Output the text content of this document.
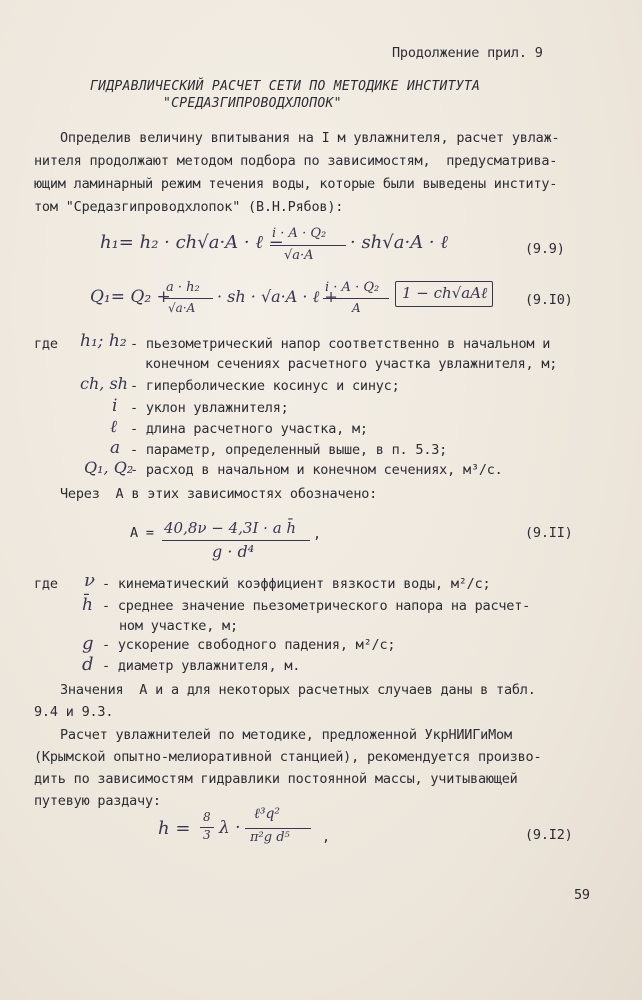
Продолжение прил. 9
ГИДРАВЛИЧЕСКИЙ РАСЧЕТ СЕТИ ПО МЕТОДИКЕ ИНСТИТУТА
"СРЕДАЗГИПРОВОДХЛОПОК"
Определив величину впитывания на I м увлажнителя, расчет увлаж-
нителя продолжают методом подбора по зависимостям,  предусматрива-
ющим ламинарный режим течения воды, которые были выведены институ-
том "Средазгипроводхлопок" (В.Н.Рябов):
h₁= h₂ · ch√a·A · ℓ −
i · A · Q₂
√a·A
· sh√a·A · ℓ	(9.9)
Q₁= Q₂ +
a · h₂
√a·A
· sh · √a·A · ℓ +
i · A · Q₂
A
1 − ch√aAℓ	(9.I0)
где h₁; h₂ - пьезометрический напор соответственно в начальном и
конечном сечениях расчетного участка увлажнителя, м;
ch, sh - гиперболические косинус и синус;
i - уклон увлажнителя;
ℓ - длина расчетного участка, м;
a - параметр, определенный выше, в п. 5.3;
Q₁, Q₂
- расход в начальном и конечном сечениях, м³/с.
Через  А в этих зависимостях обозначено:
A = 40,8ν − 4,3I · a h̄
g · d⁴
,	(9.II)
где ν - кинематический коэффициент вязкости воды, м²/с;
h̄ - среднее значение пьезометрического напора на расчет-
ном участке, м;
g - ускорение свободного падения, м²/с;
d - диаметр увлажнителя, м.
Значения  А и а для некоторых расчетных случаев даны в табл.
9.4 и 9.3.
Расчет увлажнителей по методике, предложенной УкрНИИГиМом
(Крымской опытно-мелиоративной станцией), рекомендуется произво-
дить по зависимостям гидравлики постоянной массы, учитывающей
путевую раздачу:
h =
8
3 λ ·
ℓ³q²
π²g d⁵ ,	(9.I2)
59
